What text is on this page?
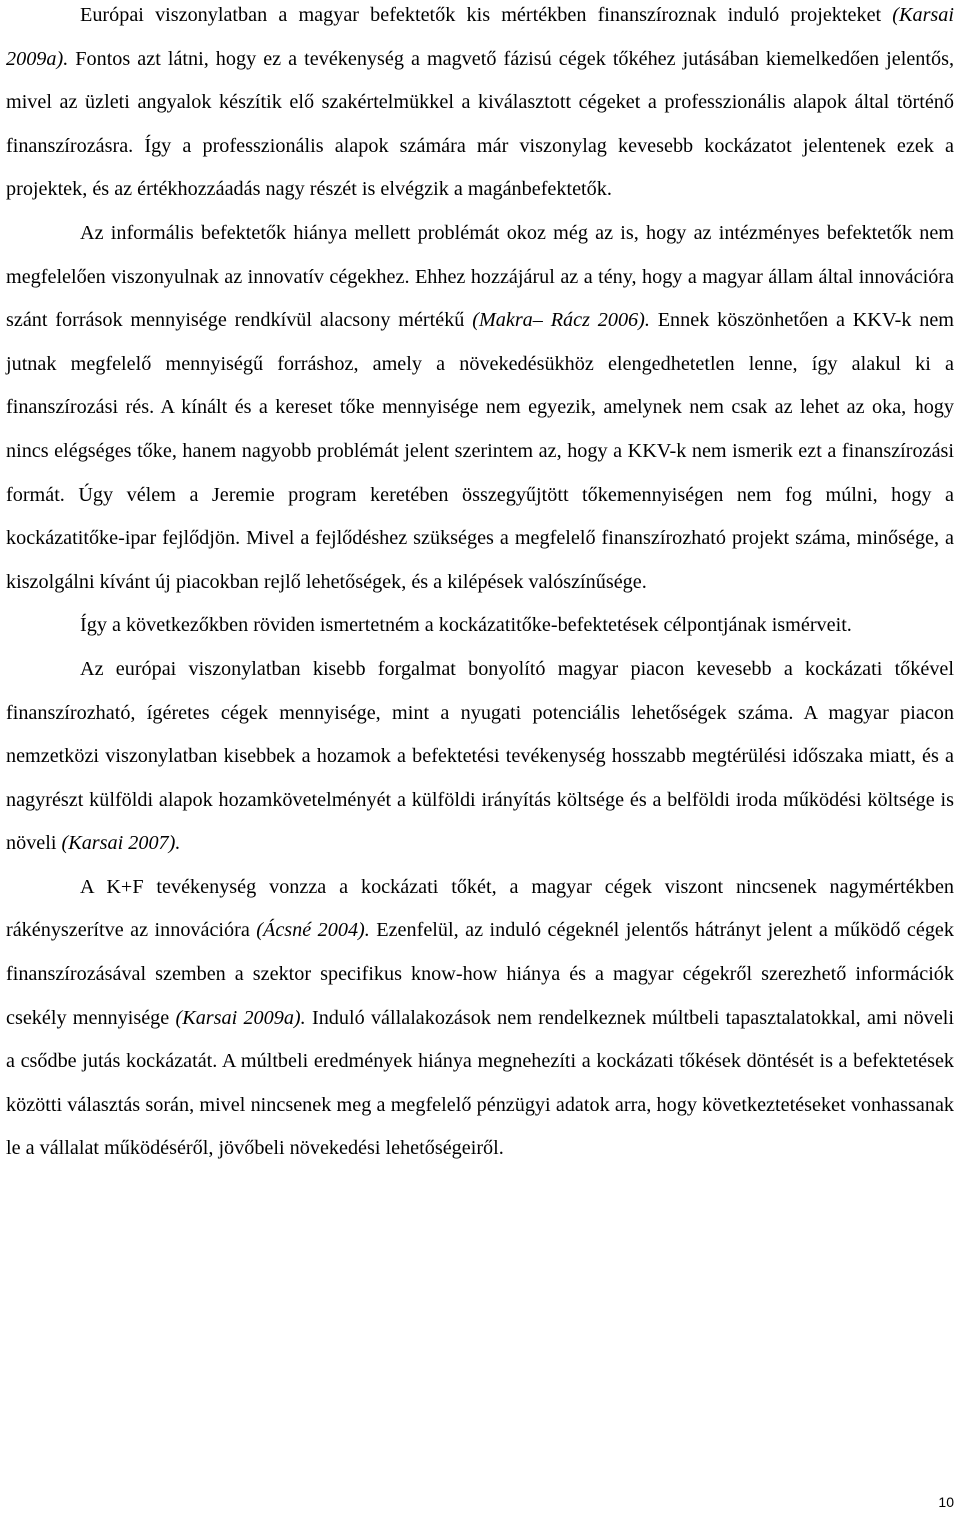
Európai viszonylatban a magyar befektetők kis mértékben finanszíroznak induló projekteket (Karsai 2009a). Fontos azt látni, hogy ez a tevékenység a magvető fázisú cégek tőkéhez jutásában kiemelkedően jelentős, mivel az üzleti angyalok készítik elő szakértelmükkel a kiválasztott cégeket a professzionális alapok által történő finanszírozásra. Így a professzionális alapok számára már viszonylag kevesebb kockázatot jelentenek ezek a projektek, és az értékhozzáadás nagy részét is elvégzik a magánbefektetők.

Az informális befektetők hiánya mellett problémát okoz még az is, hogy az intézményes befektetők nem megfelelően viszonyulnak az innovatív cégekhez. Ehhez hozzájárul az a tény, hogy a magyar állam által innovációra szánt források mennyisége rendkívül alacsony mértékű (Makra– Rácz 2006). Ennek köszönhetően a KKV-k nem jutnak megfelelő mennyiségű forráshoz, amely a növekedésükhöz elengedhetetlen lenne, így alakul ki a finanszírozási rés. A kínált és a kereset tőke mennyisége nem egyezik, amelynek nem csak az lehet az oka, hogy nincs elégséges tőke, hanem nagyobb problémát jelent szerintem az, hogy a KKV-k nem ismerik ezt a finanszírozási formát. Úgy vélem a Jeremie program keretében összegyűjtött tőkemennyiségen nem fog múlni, hogy a kockázatitőke-ipar fejlődjön. Mivel a fejlődéshez szükséges a megfelelő finanszírozható projekt száma, minősége, a kiszolgálni kívánt új piacokban rejlő lehetőségek, és a kilépések valószínűsége.

Így a következőkben röviden ismertetném a kockázatitőke-befektetések célpontjának ismérveit.

Az európai viszonylatban kisebb forgalmat bonyolító magyar piacon kevesebb a kockázati tőkével finanszírozható, ígéretes cégek mennyisége, mint a nyugati potenciális lehetőségek száma. A magyar piacon nemzetközi viszonylatban kisebbek a hozamok a befektetési tevékenység hosszabb megtérülési időszaka miatt, és a nagyrészt külföldi alapok hozamkövetelményét a külföldi irányítás költsége és a belföldi iroda működési költsége is növeli (Karsai 2007).

A K+F tevékenység vonzza a kockázati tőkét, a magyar cégek viszont nincsenek nagymértékben rákényszerítve az innovációra (Ácsné 2004). Ezenfelül, az induló cégeknél jelentős hátrányt jelent a működő cégek finanszírozásával szemben a szektor specifikus know-how hiánya és a magyar cégekről szerezhető információk csekély mennyisége (Karsai 2009a). Induló vállalakozások nem rendelkeznek múltbeli tapasztalatokkal, ami növeli a csődbe jutás kockázatát. A múltbeli eredmények hiánya megnehezíti a kockázati tőkések döntését is a befektetések közötti választás során, mivel nincsenek meg a megfelelő pénzügyi adatok arra, hogy következtetéseket vonhassanak le a vállalat működéséről, jövőbeli növekedési lehetőségeiről.

10
